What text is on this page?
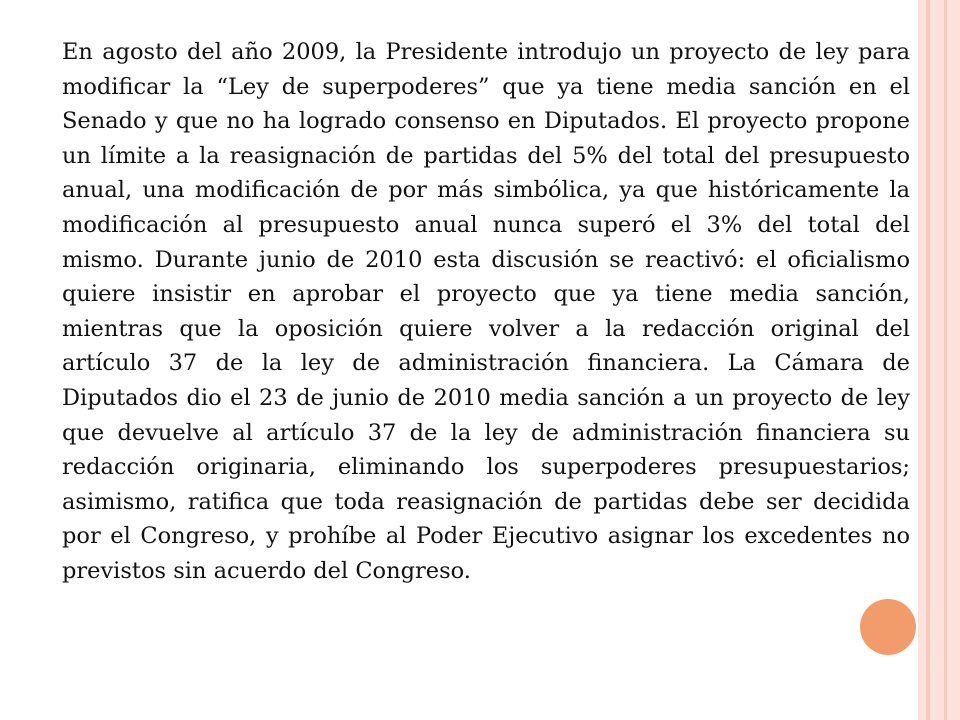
En agosto del año 2009, la Presidente introdujo un proyecto de ley para modificar la “Ley de superpoderes” que ya tiene media sanción en el Senado y que no ha logrado consenso en Diputados. El proyecto propone un límite a la reasignación de partidas del 5% del total del presupuesto anual, una modificación de por más simbólica, ya que históricamente la modificación al presupuesto anual nunca superó el 3% del total del mismo. Durante junio de 2010 esta discusión se reactivó: el oficialismo quiere insistir en aprobar el proyecto que ya tiene media sanción, mientras que la oposición quiere volver a la redacción original del artículo 37 de la ley de administración financiera. La Cámara de Diputados dio el 23 de junio de 2010 media sanción a un proyecto de ley que devuelve al artículo 37 de la ley de administración financiera su redacción originaria, eliminando los superpoderes presupuestarios; asimismo, ratifica que toda reasignación de partidas debe ser decidida por el Congreso, y prohíbe al Poder Ejecutivo asignar los excedentes no previstos sin acuerdo del Congreso.
